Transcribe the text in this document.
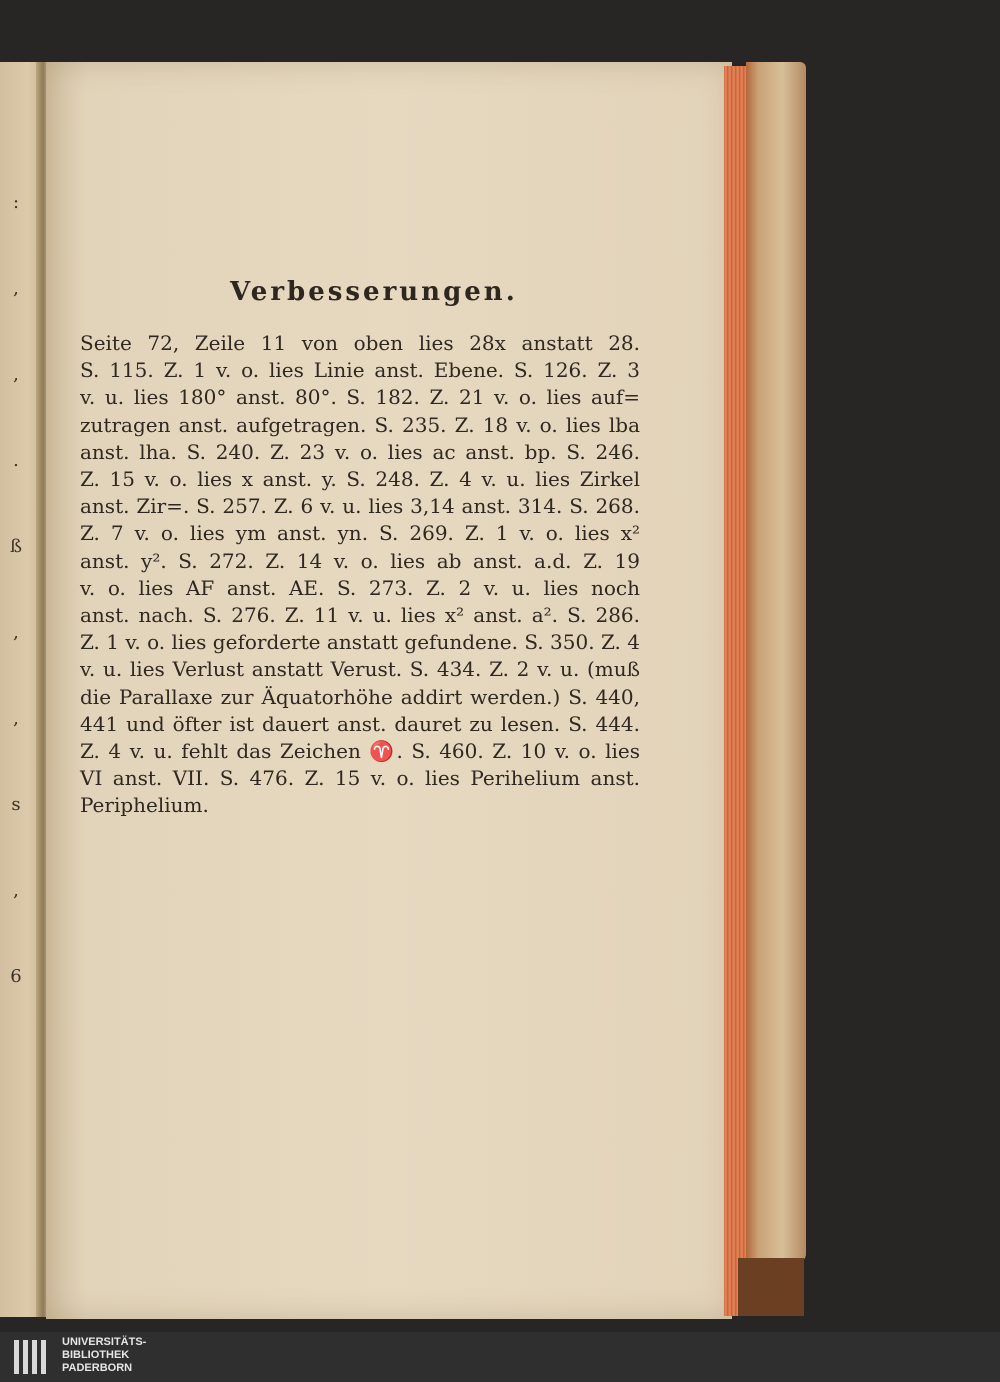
:
,
,
.
ß
,
,
s
,
6
Verbesserungen.
Seite 72, Zeile 11 von oben lies 28x anstatt 28.
S. 115. Z. 1 v. o. lies Linie anst. Ebene. S. 126. Z. 3
v. u. lies 180° anst. 80°. S. 182. Z. 21 v. o. lies auf=
zutragen anst. aufgetragen. S. 235. Z. 18 v. o. lies lba
anst. lha. S. 240. Z. 23 v. o. lies ac anst. bp. S. 246.
Z. 15 v. o. lies x anst. y. S. 248. Z. 4 v. u. lies Zirkel
anst. Zir=. S. 257. Z. 6 v. u. lies 3,14 anst. 314. S. 268.
Z. 7 v. o. lies ym anst. yn. S. 269. Z. 1 v. o. lies x²
anst. y². S. 272. Z. 14 v. o. lies ab anst. a.d. Z. 19
v. o. lies AF anst. AE. S. 273. Z. 2 v. u. lies noch
anst. nach. S. 276. Z. 11 v. u. lies x² anst. a². S. 286.
Z. 1 v. o. lies geforderte anstatt gefundene. S. 350. Z. 4
v. u. lies Verlust anstatt Verust. S. 434. Z. 2 v. u. (muß
die Parallaxe zur Äquatorhöhe addirt werden.) S. 440,
441 und öfter ist dauert anst. dauret zu lesen. S. 444.
Z. 4 v. u. fehlt das Zeichen ♈. S. 460. Z. 10 v. o. lies
VI anst. VII. S. 476. Z. 15 v. o. lies Perihelium anst.
Periphelium.
UNIVERSITÄTS-
BIBLIOTHEK
PADERBORN
